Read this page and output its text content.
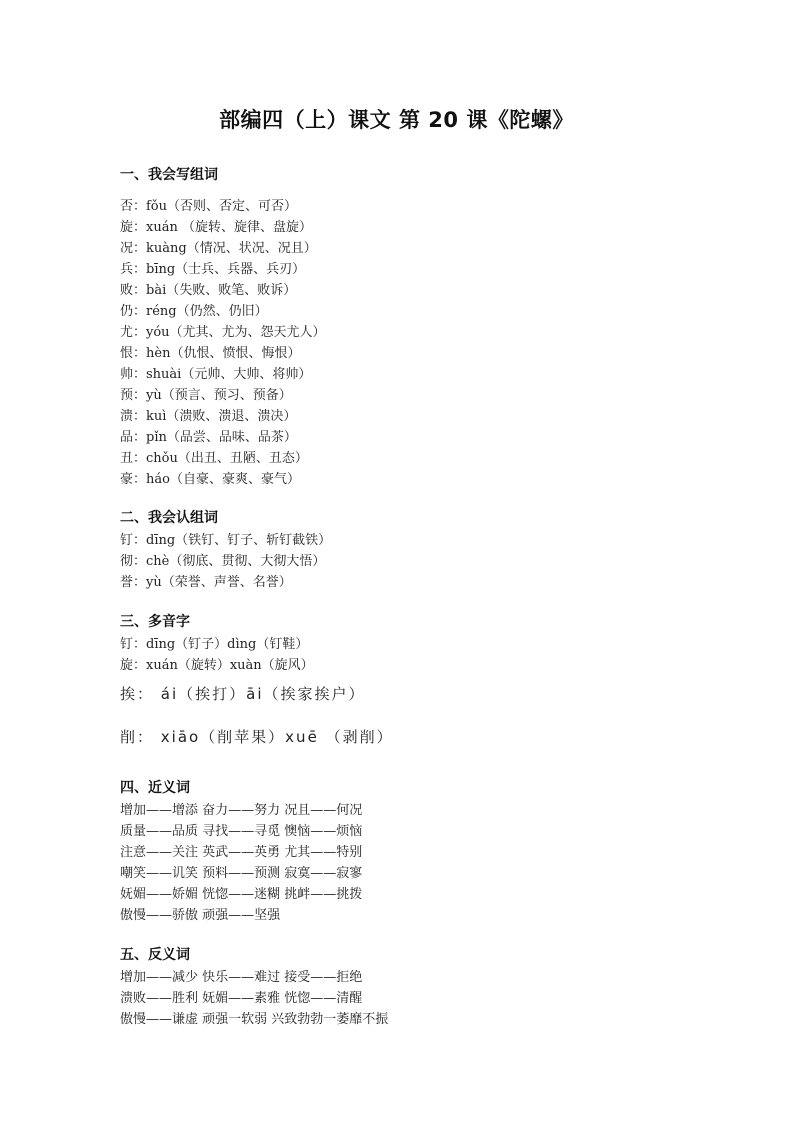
部编四（上）课文 第 20 课《陀螺》
一、我会写组词
否：fǒu（否则、否定、可否）
旋：xuán （旋转、旋律、盘旋）
况：kuàng（情况、状况、况且）
兵：bīng（士兵、兵器、兵刃）
败：bài（失败、败笔、败诉）
仍：réng（仍然、仍旧）
尤：yóu（尤其、尤为、怨天尤人）
恨：hèn（仇恨、愤恨、悔恨）
帅：shuài（元帅、大帅、将帅）
预：yù（预言、预习、预备）
溃：kuì（溃败、溃退、溃决）
品：pǐn（品尝、品味、品茶）
丑：chǒu（出丑、丑陋、丑态）
豪：háo（自豪、豪爽、豪气）
二、我会认组词
钉：dīng（铁钉、钉子、斩钉截铁）
彻：chè（彻底、贯彻、大彻大悟）
誉：yù（荣誉、声誉、名誉）
三、多音字
钉：dīng（钉子）dìng（钉鞋）
旋：xuán（旋转）xuàn（旋风）
挨： ái（挨打）āi（挨家挨户）
削： xiāo（削苹果）xuē （剥削）
四、近义词
增加——增添 奋力——努力 况且——何况
质量——品质 寻找——寻觅 懊恼——烦恼
注意——关注 英武——英勇 尤其——特别
嘲笑——讥笑 预料——预测 寂寞——寂寥
妩媚——娇媚 恍惚——迷糊 挑衅——挑拨
傲慢——骄傲 顽强——坚强
五、反义词
增加——减少 快乐——难过 接受——拒绝
溃败——胜利 妩媚——素雅 恍惚——清醒
傲慢——谦虚 顽强一软弱 兴致勃勃一萎靡不振
